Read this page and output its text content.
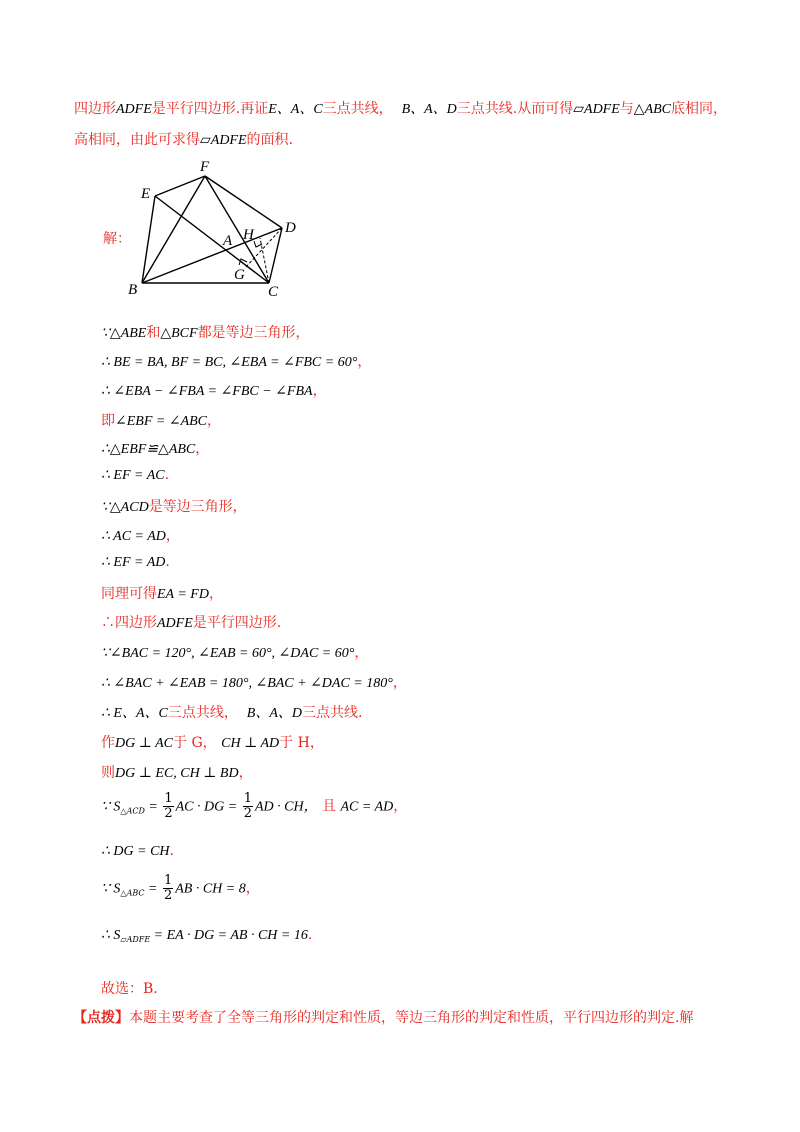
四边形ADFE是平行四边形.再证E、A、C三点共线， B、A、D三点共线.从而可得▱ADFE与△ABC底相同，
高相同，由此可求得▱ADFE的面积.
F
E
D
A H
G
B	C
解：
∵△ABE和△BCF都是等边三角形，
∴ BE = BA, BF = BC, ∠EBA = ∠FBC = 60°，
∴ ∠EBA − ∠FBA = ∠FBC − ∠FBA，
即∠EBF = ∠ABC，
∴△EBF≌△ABC，
∴ EF = AC.
∵△ACD是等边三角形，
∴ AC = AD，
∴ EF = AD.
同理可得EA = FD，
∴四边形ADFE是平行四边形.
∵∠BAC = 120°, ∠EAB = 60°, ∠DAC = 60°，
∴ ∠BAC + ∠EAB = 180°, ∠BAC + ∠DAC = 180°，
∴ E、A、C三点共线， B、A、D三点共线.
作DG ⊥ AC于 G， CH ⊥ AD于 H，
则DG ⊥ EC, CH ⊥ BD，
∵ $S_{\triangle ACD} = \frac{1}{2}$ AC · DG = $\frac{1}{2}$ AD · CH， 且 AC = AD，
∴ DG = CH.
∵ $S_{\triangle ABC} = \frac{1}{2}$ AB · CH = 8，
∴ $S_{▱ADFE}$ = EA · DG = AB · CH = 16.
故选：B.
【点拨】本题主要考查了全等三角形的判定和性质，等边三角形的判定和性质，平行四边形的判定.解
